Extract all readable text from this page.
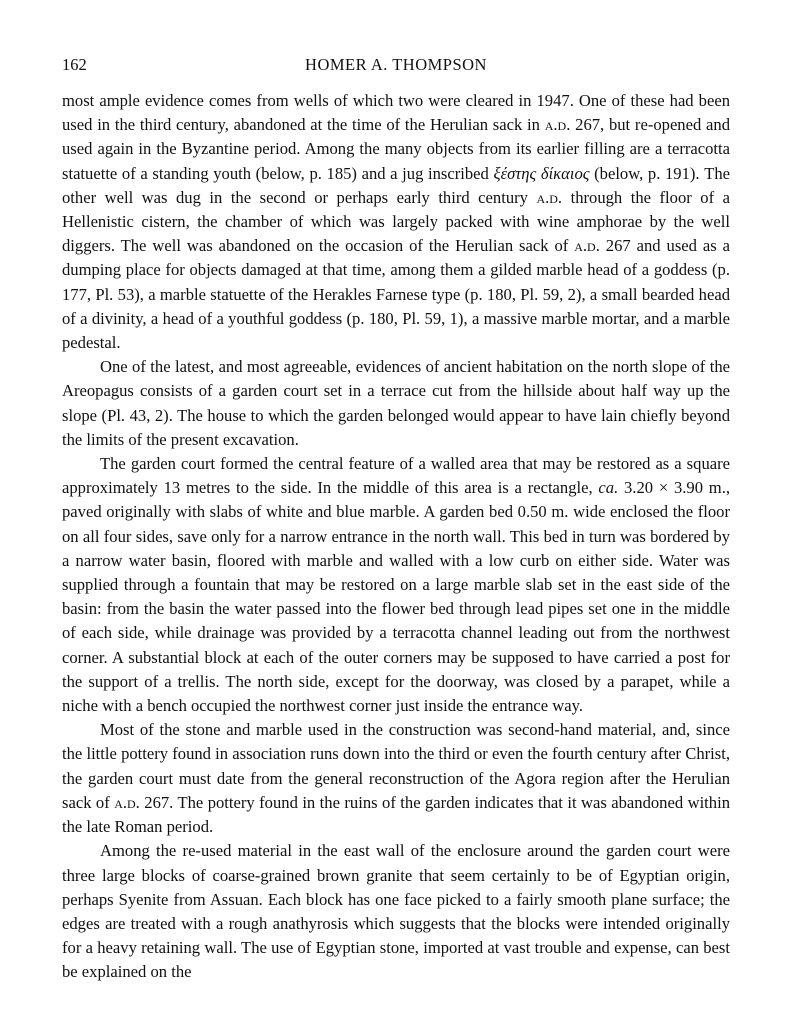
162	HOMER A. THOMPSON

most ample evidence comes from wells of which two were cleared in 1947. One of these had been used in the third century, abandoned at the time of the Herulian sack in a.d. 267, but re-opened and used again in the Byzantine period. Among the many objects from its earlier filling are a terracotta statuette of a standing youth (below, p. 185) and a jug inscribed ξέστης δίκαιος (below, p. 191). The other well was dug in the second or perhaps early third century a.d. through the floor of a Hellenistic cistern, the chamber of which was largely packed with wine amphorae by the well diggers. The well was abandoned on the occasion of the Herulian sack of a.d. 267 and used as a dumping place for objects damaged at that time, among them a gilded marble head of a goddess (p. 177, Pl. 53), a marble statuette of the Herakles Farnese type (p. 180, Pl. 59, 2), a small bearded head of a divinity, a head of a youthful goddess (p. 180, Pl. 59, 1), a massive marble mortar, and a marble pedestal.

One of the latest, and most agreeable, evidences of ancient habitation on the north slope of the Areopagus consists of a garden court set in a terrace cut from the hillside about half way up the slope (Pl. 43, 2). The house to which the garden belonged would appear to have lain chiefly beyond the limits of the present excavation.

The garden court formed the central feature of a walled area that may be restored as a square approximately 13 metres to the side. In the middle of this area is a rectangle, ca. 3.20 × 3.90 m., paved originally with slabs of white and blue marble. A garden bed 0.50 m. wide enclosed the floor on all four sides, save only for a narrow entrance in the north wall. This bed in turn was bordered by a narrow water basin, floored with marble and walled with a low curb on either side. Water was supplied through a fountain that may be restored on a large marble slab set in the east side of the basin: from the basin the water passed into the flower bed through lead pipes set one in the middle of each side, while drainage was provided by a terracotta channel leading out from the northwest corner. A substantial block at each of the outer corners may be supposed to have carried a post for the support of a trellis. The north side, except for the doorway, was closed by a parapet, while a niche with a bench occupied the northwest corner just inside the entrance way.

Most of the stone and marble used in the construction was second-hand material, and, since the little pottery found in association runs down into the third or even the fourth century after Christ, the garden court must date from the general reconstruction of the Agora region after the Herulian sack of a.d. 267. The pottery found in the ruins of the garden indicates that it was abandoned within the late Roman period.

Among the re-used material in the east wall of the enclosure around the garden court were three large blocks of coarse-grained brown granite that seem certainly to be of Egyptian origin, perhaps Syenite from Assuan. Each block has one face picked to a fairly smooth plane surface; the edges are treated with a rough anathyrosis which suggests that the blocks were intended originally for a heavy retaining wall. The use of Egyptian stone, imported at vast trouble and expense, can best be explained on the
